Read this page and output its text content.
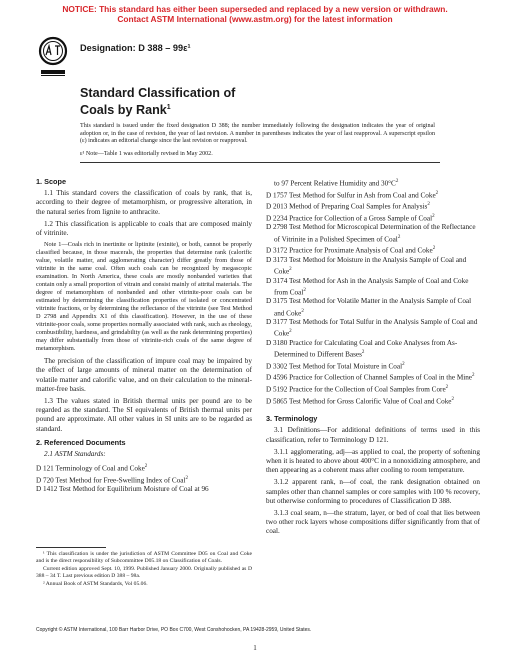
NOTICE: This standard has either been superseded and replaced by a new version or withdrawn.
Contact ASTM International (www.astm.org) for the latest information
Designation: D 388 – 99ε¹
Standard Classification of
Coals by Rank$^1$
This standard is issued under the fixed designation D 388; the number immediately following the designation indicates the year of original adoption or, in the case of revision, the year of last revision. A number in parentheses indicates the year of last reapproval. A superscript epsilon (ε) indicates an editorial change since the last revision or reapproval.
ε¹ Note—Table 1 was editorially revised in May 2002.
1. Scope
1.1 This standard covers the classification of coals by rank, that is, according to their degree of metamorphism, or progressive alteration, in the natural series from lignite to anthracite.
1.2 This classification is applicable to coals that are composed mainly of vitrinite.
Note 1—Coals rich in inertinite or liptinite (exinite), or both, cannot be properly classified because, in those macerals, the properties that determine rank (calorific value, volatile matter, and agglomerating character) differ greatly from those of vitrinite in the same coal. Often such coals can be recognized by megascopic examination. In North America, these coals are mostly nonbanded varieties that contain only a small proportion of vitrain and consist mainly of attrital materials. The degree of metamorphism of nonbanded and other vitrinite-poor coals can be estimated by determining the classification properties of isolated or concentrated vitrinite fractions, or by determining the reflectance of the vitrinite (see Test Method D 2798 and Appendix X1 of this classification). However, in the use of these vitrinite-poor coals, some properties normally associated with rank, such as rheology, combustibility, hardness, and grindability (as well as the rank determining properties) may differ substantially from those of vitrinite-rich coals of the same degree of metamorphism.
The precision of the classification of impure coal may be impaired by the effect of large amounts of mineral matter on the determination of volatile matter and calorific value, and on their calculation to the mineral-matter-free basis.
1.3 The values stated in British thermal units per pound are to be regarded as the standard. The SI equivalents of British thermal units per pound are approximate. All other values in SI units are to be regarded as standard.
2. Referenced Documents
2.1 ASTM Standards:
D 121 Terminology of Coal and Coke$^2$
D 720 Test Method for Free-Swelling Index of Coal$^2$
D 1412 Test Method for Equilibrium Moisture of Coal at 96
to 97 Percent Relative Humidity and $30^\circ C^2$
D 1757 Test Method for Sulfur in Ash from Coal and Coke$^2$
D 2013 Method of Preparing Coal Samples for Analysis$^2$
D 2234 Practice for Collection of a Gross Sample of Coal$^2$
D 2798 Test Method for Microscopical Determination of the Reflectance of Vitrinite in a Polished Specimen of Coal$^2$
D 3172 Practice for Proximate Analysis of Coal and Coke$^2$
D 3173 Test Method for Moisture in the Analysis Sample of Coal and Coke$^2$
D 3174 Test Method for Ash in the Analysis Sample of Coal and Coke from Coal$^2$
D 3175 Test Method for Volatile Matter in the Analysis Sample of Coal and Coke$^2$
D 3177 Test Methods for Total Sulfur in the Analysis Sample of Coal and Coke$^2$
D 3180 Practice for Calculating Coal and Coke Analyses from As-Determined to Different Bases$^2$
D 3302 Test Method for Total Moisture in Coal$^2$
D 4596 Practice for Collection of Channel Samples of Coal in the Mine$^2$
D 5192 Practice for the Collection of Coal Samples from Core$^2$
D 5865 Test Method for Gross Calorific Value of Coal and Coke$^2$
3. Terminology
3.1 Definitions—For additional definitions of terms used in this classification, refer to Terminology D 121.
3.1.1 agglomerating, adj—as applied to coal, the property of softening when it is heated to above about 400°C in a nonoxidizing atmosphere, and then appearing as a coherent mass after cooling to room temperature.
3.1.2 apparent rank, n—of coal, the rank designation obtained on samples other than channel samples or core samples with 100 % recovery, but otherwise conforming to procedures of Classification D 388.
3.1.3 coal seam, n—the stratum, layer, or bed of coal that lies between two other rock layers whose compositions differ significantly from that of coal.

¹ This classification is under the jurisdiction of ASTM Committee D05 on Coal and Coke and is the direct responsibility of Subcommittee D05.18 on Classification of Coals.

Current edition approved Sept. 10, 1999. Published January 2000. Originally published as D 388 – 34 T. Last previous edition D 388 – 98a.

² Annual Book of ASTM Standards, Vol 05.06.

Copyright © ASTM International, 100 Barr Harbor Drive, PO Box C700, West Conshohocken, PA 19428-2959, United States.
1
